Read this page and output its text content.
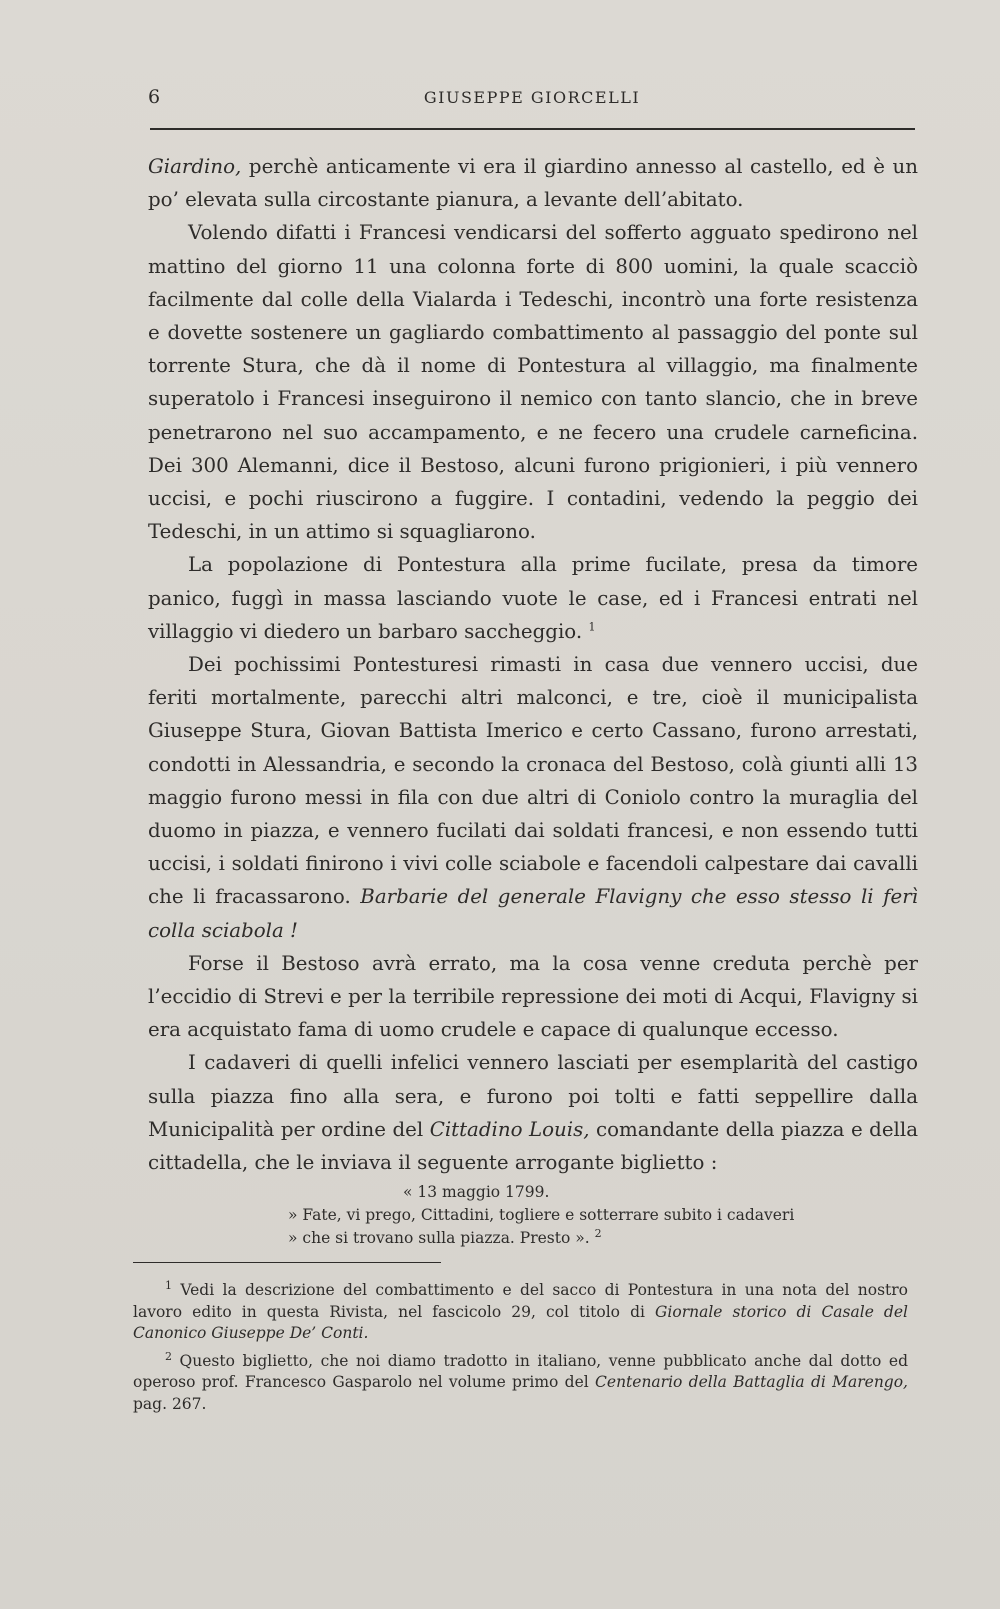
6	GIUSEPPE GIORCELLI

Giardino, perchè anticamente vi era il giardino annesso al castello, ed è un po’ elevata sulla circostante pianura, a levante dell’abitato.

Volendo difatti i Francesi vendicarsi del sofferto agguato spedirono nel mattino del giorno 11 una colonna forte di 800 uomini, la quale scacciò facilmente dal colle della Vialarda i Tedeschi, incontrò una forte resistenza e dovette sostenere un gagliardo combattimento al passaggio del ponte sul torrente Stura, che dà il nome di Pontestura al villaggio, ma finalmente superatolo i Francesi inseguirono il nemico con tanto slancio, che in breve penetrarono nel suo accampamento, e ne fecero una crudele carneficina. Dei 300 Alemanni, dice il Bestoso, alcuni furono prigionieri, i più vennero uccisi, e pochi riuscirono a fuggire. I contadini, vedendo la peggio dei Tedeschi, in un attimo si squagliarono.

La popolazione di Pontestura alla prime fucilate, presa da timore panico, fuggì in massa lasciando vuote le case, ed i Francesi entrati nel villaggio vi diedero un barbaro saccheggio. $^1$

Dei pochissimi Pontesturesi rimasti in casa due vennero uccisi, due feriti mortalmente, parecchi altri malconci, e tre, cioè il municipalista Giuseppe Stura, Giovan Battista Imerico e certo Cassano, furono arrestati, condotti in Alessandria, e secondo la cronaca del Bestoso, colà giunti alli 13 maggio furono messi in fila con due altri di Coniolo contro la muraglia del duomo in piazza, e vennero fucilati dai soldati francesi, e non essendo tutti uccisi, i soldati finirono i vivi colle sciabole e facendoli calpestare dai cavalli che li fracassarono. Barbarie del generale Flavigny che esso stesso li ferì colla sciabola !

Forse il Bestoso avrà errato, ma la cosa venne creduta perchè per l’eccidio di Strevi e per la terribile repressione dei moti di Acqui, Flavigny si era acquistato fama di uomo crudele e capace di qualunque eccesso.

I cadaveri di quelli infelici vennero lasciati per esemplarità del castigo sulla piazza fino alla sera, e furono poi tolti e fatti seppellire dalla Municipalità per ordine del Cittadino Louis, comandante della piazza e della cittadella, che le inviava il seguente arrogante biglietto :

« 13 maggio 1799.

» Fate, vi prego, Cittadini, togliere e sotterrare subito i cadaveri

» che si trovano sulla piazza. Presto ». $^2$

$^1$ Vedi la descrizione del combattimento e del sacco di Pontestura in una nota del nostro lavoro edito in questa Rivista, nel fascicolo 29, col titolo di Giornale storico di Casale del Canonico Giuseppe De’ Conti.

$^2$ Questo biglietto, che noi diamo tradotto in italiano, venne pubblicato anche dal dotto ed operoso prof. Francesco Gasparolo nel volume primo del Centenario della Battaglia di Marengo, pag. 267.
